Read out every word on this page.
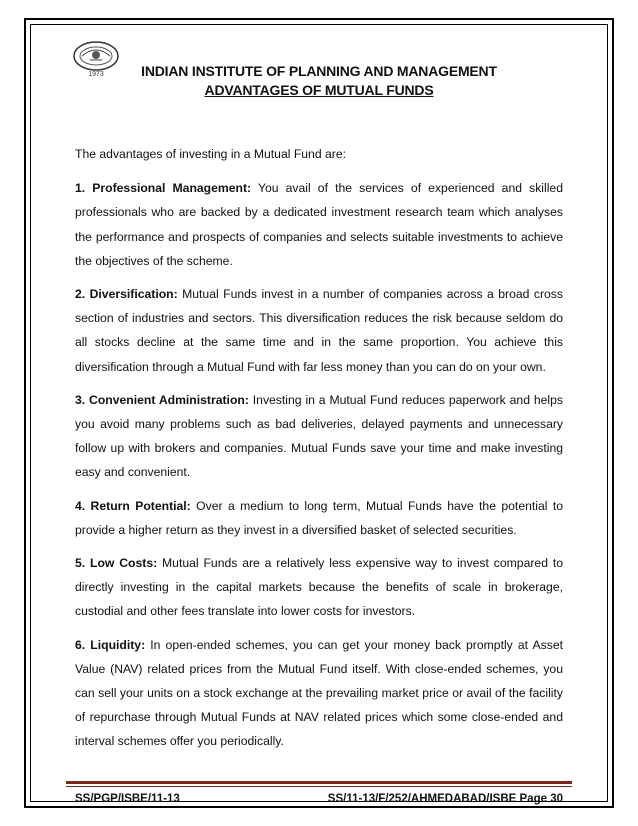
1973	INDIAN INSTITUTE OF PLANNING AND MANAGEMENT
ADVANTAGES OF MUTUAL FUNDS

The advantages of investing in a Mutual Fund are:

1. Professional Management: You avail of the services of experienced and skilled professionals who are backed by a dedicated investment research team which analyses the performance and prospects of companies and selects suitable investments to achieve the objectives of the scheme.

2. Diversification: Mutual Funds invest in a number of companies across a broad cross section of industries and sectors. This diversification reduces the risk because seldom do all stocks decline at the same time and in the same proportion. You achieve this diversification through a Mutual Fund with far less money than you can do on your own.

3. Convenient Administration: Investing in a Mutual Fund reduces paperwork and helps you avoid many problems such as bad deliveries, delayed payments and unnecessary follow up with brokers and companies. Mutual Funds save your time and make investing easy and convenient.

4. Return Potential: Over a medium to long term, Mutual Funds have the potential to provide a higher return as they invest in a diversified basket of selected securities.

5. Low Costs: Mutual Funds are a relatively less expensive way to invest compared to directly investing in the capital markets because the benefits of scale in brokerage, custodial and other fees translate into lower costs for investors.

6. Liquidity: In open-ended schemes, you can get your money back promptly at Asset Value (NAV) related prices from the Mutual Fund itself. With close-ended schemes, you can sell your units on a stock exchange at the prevailing market price or avail of the facility of repurchase through Mutual Funds at NAV related prices which some close-ended and interval schemes offer you periodically.

SS/PGP/ISBE/11-13	SS/11-13/F/252/AHMEDABAD/ISBE Page 30
